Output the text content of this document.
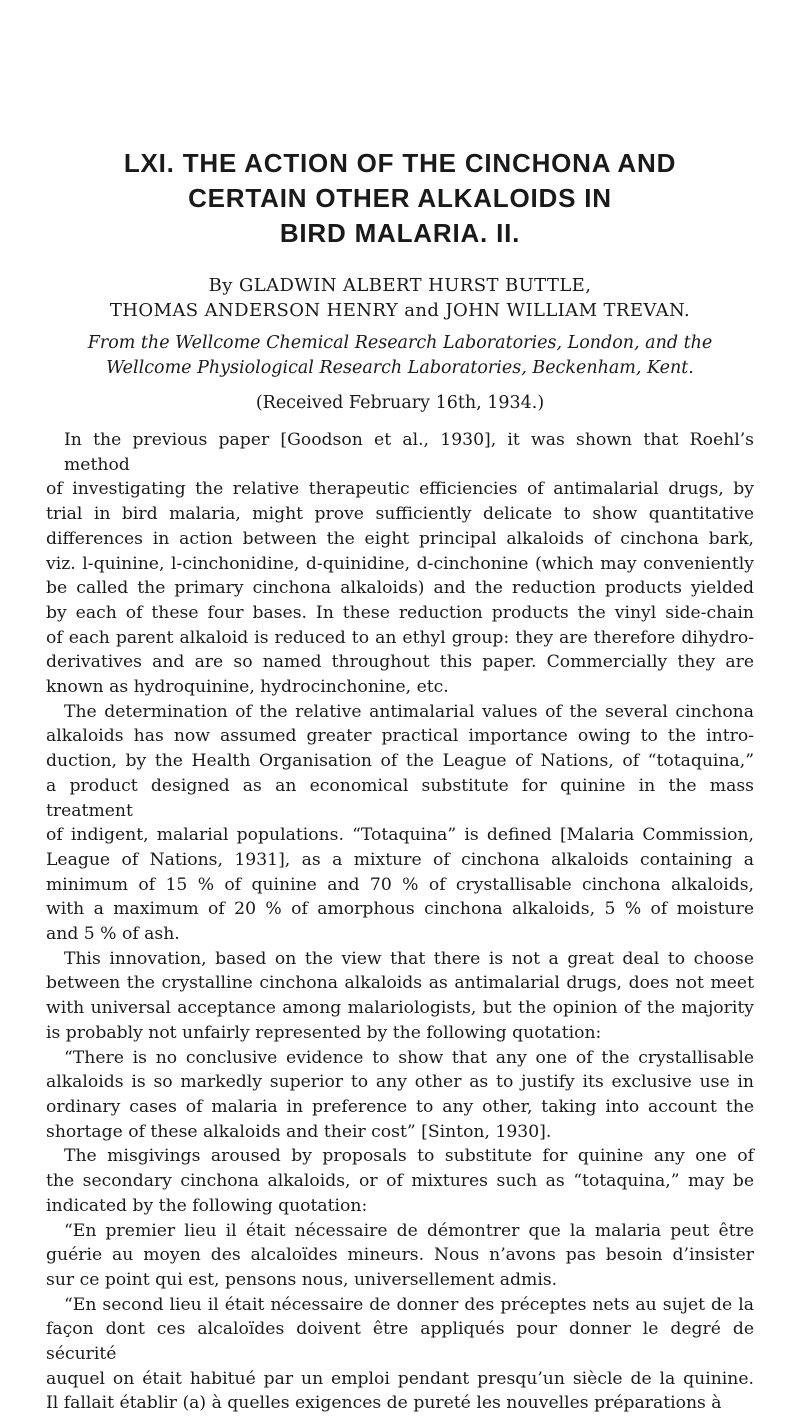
LXI. THE ACTION OF THE CINCHONA AND
CERTAIN OTHER ALKALOIDS IN
BIRD MALARIA. II.
By GLADWIN ALBERT HURST BUTTLE,
THOMAS ANDERSON HENRY and JOHN WILLIAM TREVAN.
From the Wellcome Chemical Research Laboratories, London, and the
Wellcome Physiological Research Laboratories, Beckenham, Kent.
(Received February 16th, 1934.)

In the previous paper [Goodson et al., 1930], it was shown that Roehl’s method
of investigating the relative therapeutic efficiencies of antimalarial drugs, by
trial in bird malaria, might prove sufficiently delicate to show quantitative
differences in action between the eight principal alkaloids of cinchona bark,
viz. l-quinine, l-cinchonidine, d-quinidine, d-cinchonine (which may conveniently
be called the primary cinchona alkaloids) and the reduction products yielded
by each of these four bases. In these reduction products the vinyl side-chain
of each parent alkaloid is reduced to an ethyl group: they are therefore dihydro-
derivatives and are so named throughout this paper. Commercially they are
known as hydroquinine, hydrocinchonine, etc.

The determination of the relative antimalarial values of the several cinchona
alkaloids has now assumed greater practical importance owing to the intro-
duction, by the Health Organisation of the League of Nations, of “totaquina,”
a product designed as an economical substitute for quinine in the mass treatment
of indigent, malarial populations. “Totaquina” is defined [Malaria Commission,
League of Nations, 1931], as a mixture of cinchona alkaloids containing a
minimum of 15 % of quinine and 70 % of crystallisable cinchona alkaloids,
with a maximum of 20 % of amorphous cinchona alkaloids, 5 % of moisture
and 5 % of ash.

This innovation, based on the view that there is not a great deal to choose
between the crystalline cinchona alkaloids as antimalarial drugs, does not meet
with universal acceptance among malariologists, but the opinion of the majority
is probably not unfairly represented by the following quotation:

“There is no conclusive evidence to show that any one of the crystallisable
alkaloids is so markedly superior to any other as to justify its exclusive use in
ordinary cases of malaria in preference to any other, taking into account the
shortage of these alkaloids and their cost” [Sinton, 1930].

The misgivings aroused by proposals to substitute for quinine any one of
the secondary cinchona alkaloids, or of mixtures such as “totaquina,” may be
indicated by the following quotation:

“En premier lieu il était nécessaire de démontrer que la malaria peut être
guérie au moyen des alcaloïdes mineurs. Nous n’avons pas besoin d’insister
sur ce point qui est, pensons nous, universellement admis.

“En second lieu il était nécessaire de donner des préceptes nets au sujet de la
façon dont ces alcaloïdes doivent être appliqués pour donner le degré de sécurité
auquel on était habitué par un emploi pendant presqu’un siècle de la quinine.
Il fallait établir (a) à quelles exigences de pureté les nouvelles préparations à
